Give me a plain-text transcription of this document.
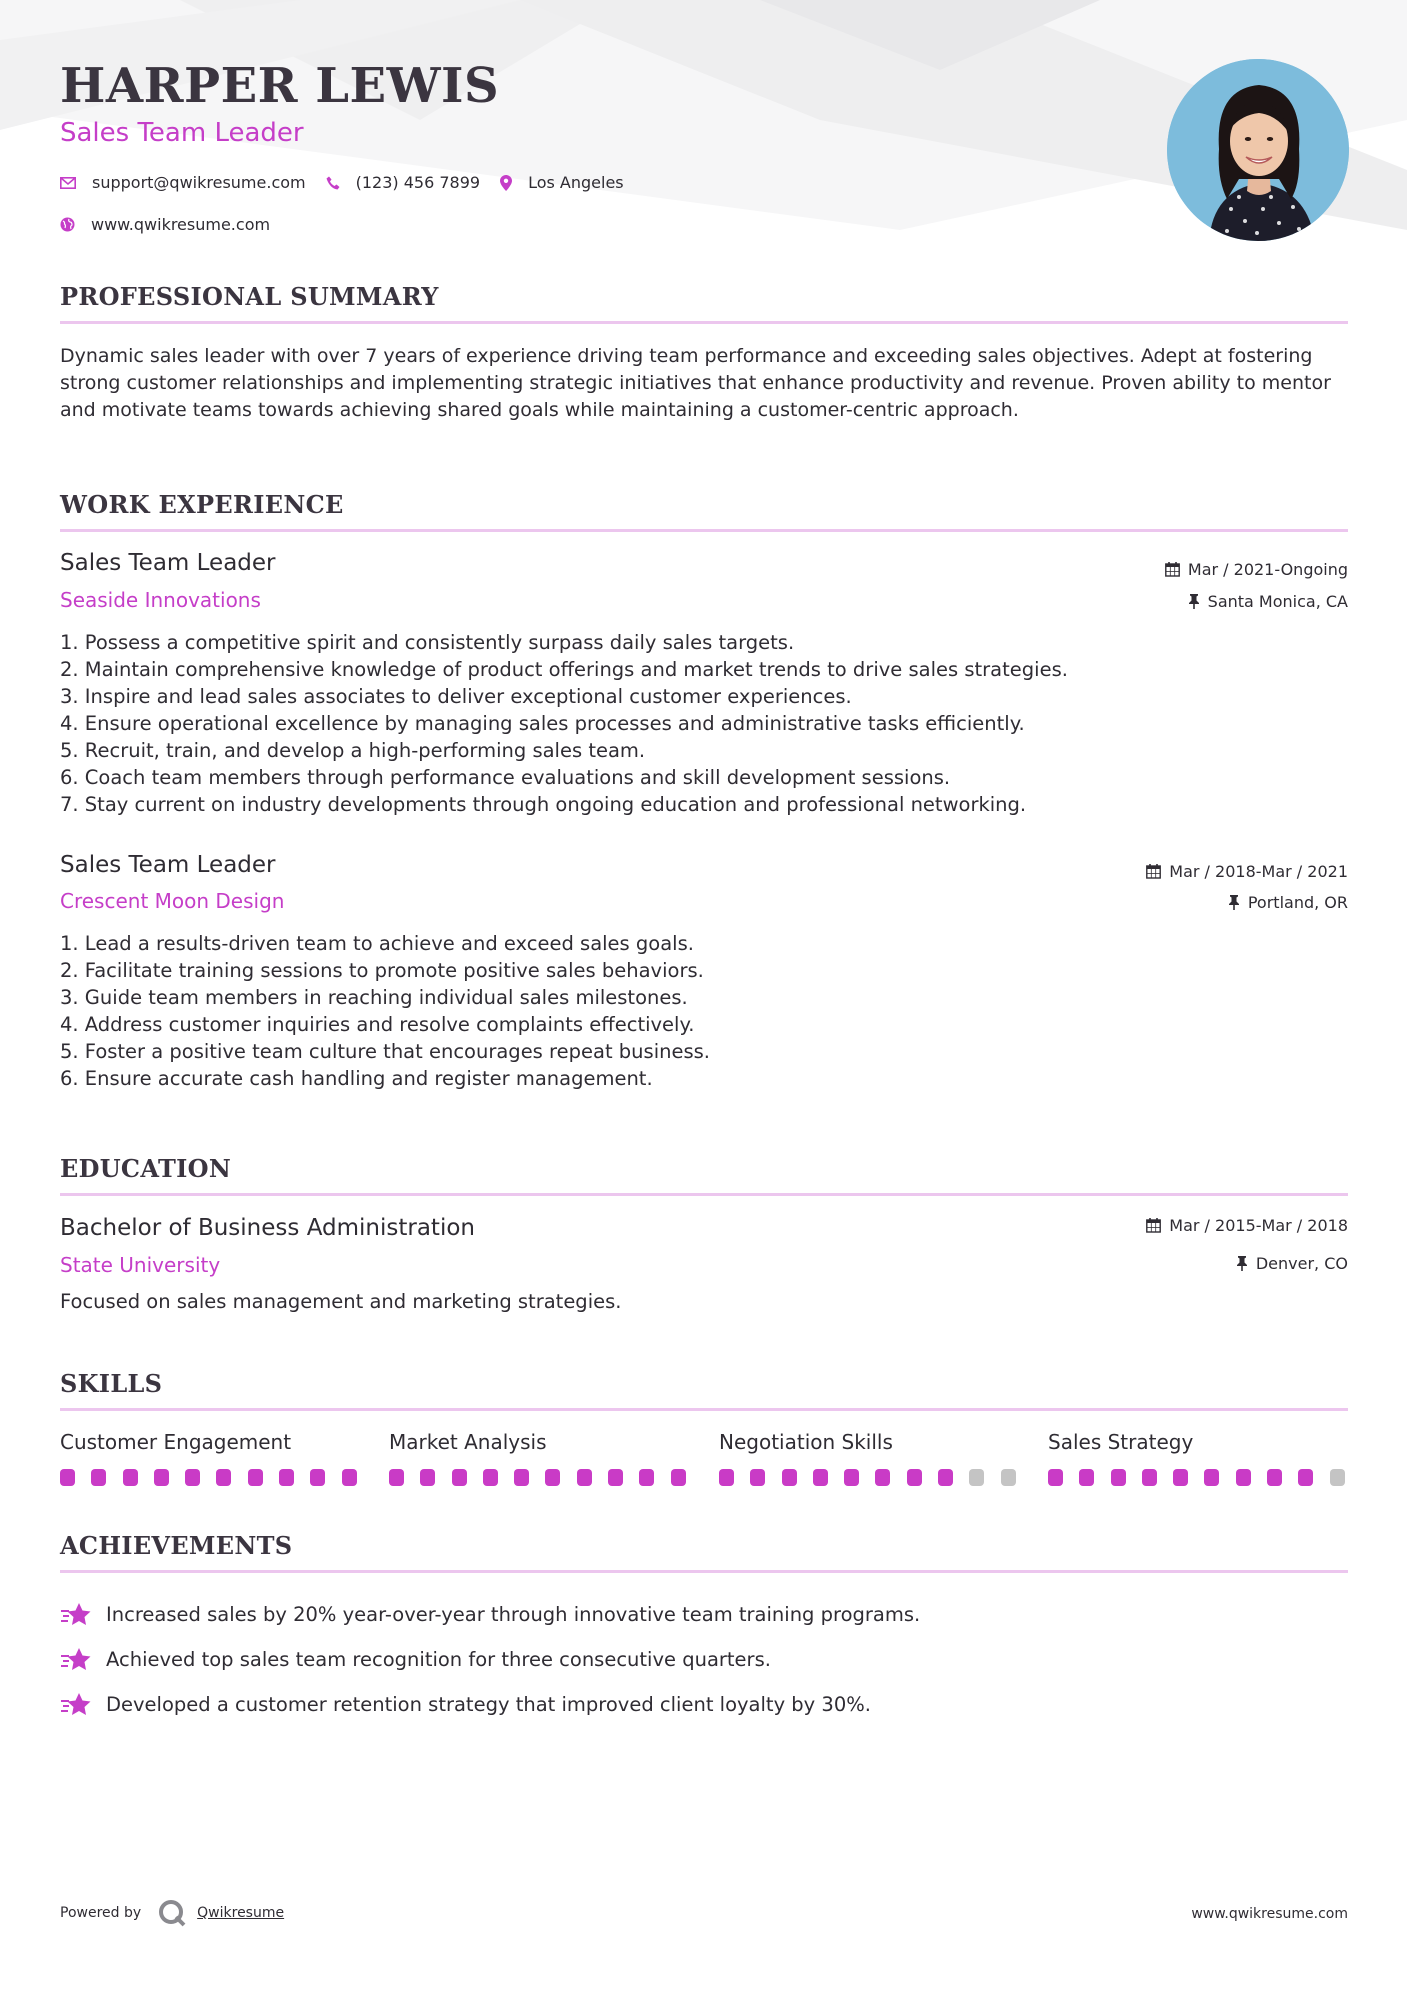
HARPER LEWIS
Sales Team Leader
support@qwikresume.com	(123) 456 7899	Los Angeles
www.qwikresume.com
PROFESSIONAL SUMMARY

Dynamic sales leader with over 7 years of experience driving team performance and exceeding sales objectives. Adept at fostering strong customer relationships and implementing strategic initiatives that enhance productivity and revenue. Proven ability to mentor and motivate teams towards achieving shared goals while maintaining a customer-centric approach.

WORK EXPERIENCE
Sales Team Leader
Seaside Innovations
Mar / 2021-Ongoing
Santa Monica, CA
1. Possess a competitive spirit and consistently surpass daily sales targets.
2. Maintain comprehensive knowledge of product offerings and market trends to drive sales strategies.
3. Inspire and lead sales associates to deliver exceptional customer experiences.
4. Ensure operational excellence by managing sales processes and administrative tasks efficiently.
5. Recruit, train, and develop a high-performing sales team.
6. Coach team members through performance evaluations and skill development sessions.
7. Stay current on industry developments through ongoing education and professional networking.
Sales Team Leader
Crescent Moon Design
Mar / 2018-Mar / 2021
Portland, OR
1. Lead a results-driven team to achieve and exceed sales goals.
2. Facilitate training sessions to promote positive sales behaviors.
3. Guide team members in reaching individual sales milestones.
4. Address customer inquiries and resolve complaints effectively.
5. Foster a positive team culture that encourages repeat business.
6. Ensure accurate cash handling and register management.
EDUCATION
Bachelor of Business Administration
State University
Mar / 2015-Mar / 2018
Denver, CO
Focused on sales management and marketing strategies.
SKILLS
Customer Engagement	Market Analysis	Negotiation Skills	Sales Strategy
ACHIEVEMENTS
Increased sales by 20% year-over-year through innovative team training programs.
Achieved top sales team recognition for three consecutive quarters.
Developed a customer retention strategy that improved client loyalty by 30%.
Powered by	Qwikresume	www.qwikresume.com
